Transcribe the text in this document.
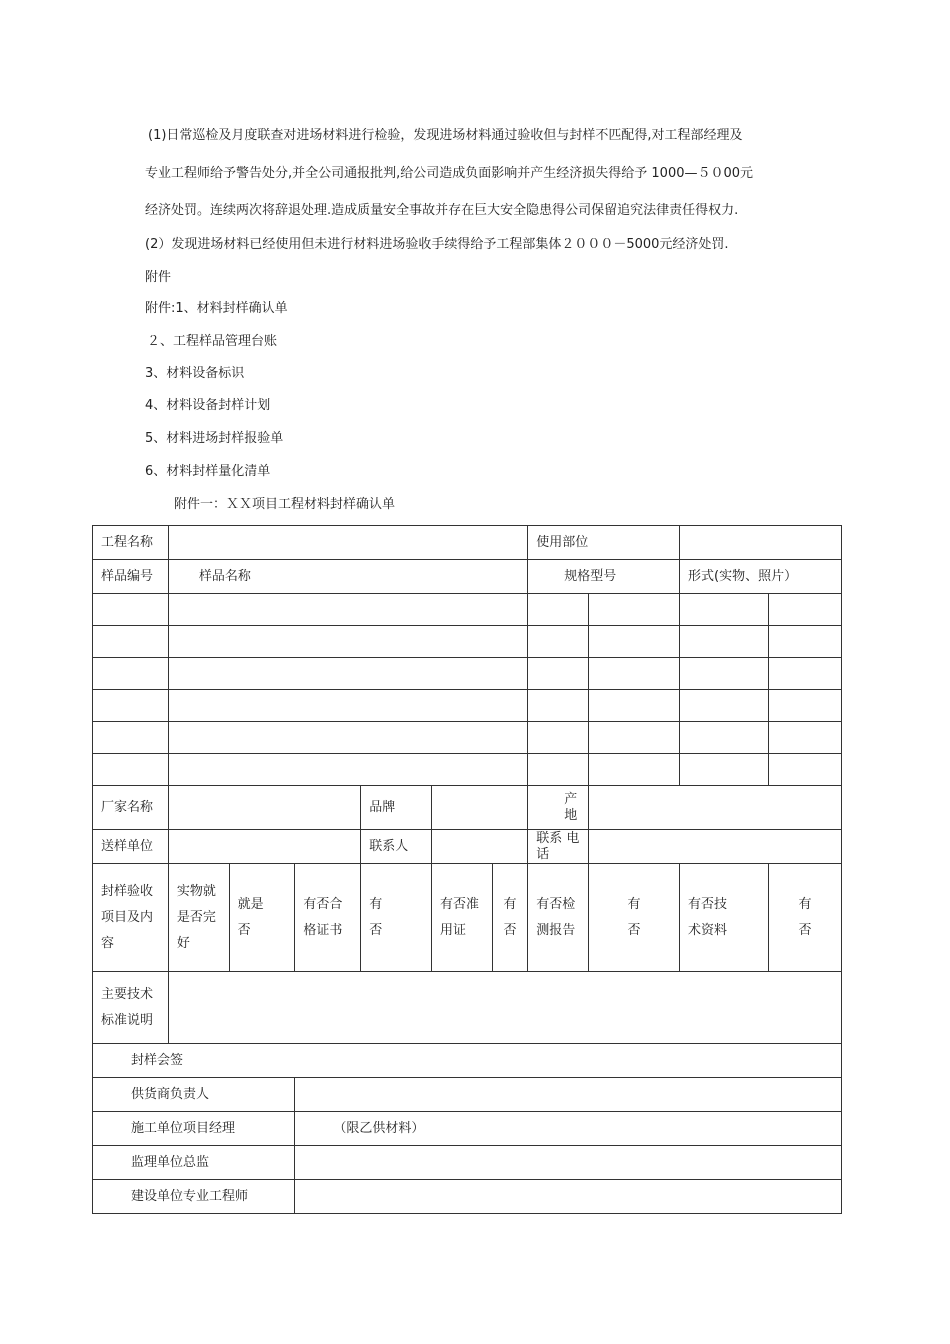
(1)日常巡检及月度联查对进场材料进行检验，发现进场材料通过验收但与封样不匹配得,对工程部经理及
专业工程师给予警告处分,并全公司通报批判,给公司造成负面影响并产生经济损失得给予 1000—５０00元
经济处罚。连续两次将辞退处理.造成质量安全事故并存在巨大安全隐患得公司保留追究法律责任得权力.
(2）发现进场材料已经使用但未进行材料进场验收手续得给予工程部集体２０００－5000元经济处罚.
附件
附件:1、材料封样确认单
２、工程样品管理台账
3、材料设备标识
4、材料设备封样计划
5、材料进场封样报验单
6、材料封样量化清单
附件一：ＸＸ项目工程材料封样确认单
工程名称							使用部位			
样品编号	样品名称						规格型号		形式(实物、照片）	

厂家名称				品牌			产地			
送样单位				联系人			联系 电话			

封样验收
项目及内
容	实物就
是否完
好	就是
否	有否合
格证书	有
否	有否准
用证	有
否	有否检
测报告	有
否	有否技
术资料	有
否

主要技术
标准说明										

封样会签										
供货商负责人										
施工单位项目经理			（限乙供材料）							
监理单位总监										
建设单位专业工程师										
